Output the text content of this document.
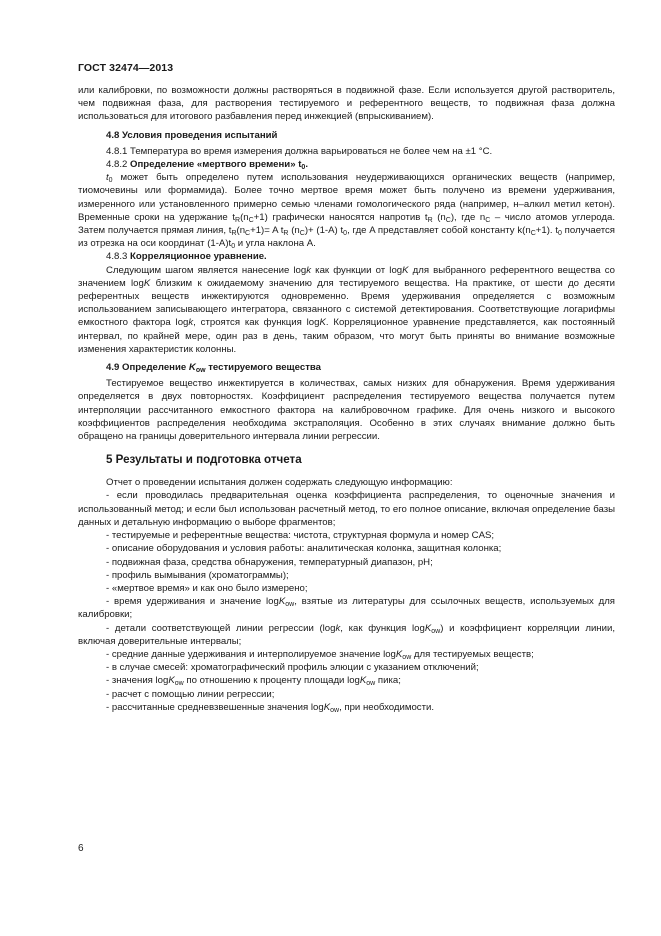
ГОСТ 32474—2013

или калибровки, по возможности должны растворяться в подвижной фазе. Если используется другой растворитель, чем подвижная фаза, для растворения тестируемого и референтного веществ, то подвижная фаза должна использоваться для итогового разбавления перед инжекцией (впрыскиванием).

4.8 Условия проведения испытаний

4.8.1 Температура во время измерения должна варьироваться не более чем на ±1 °С.

4.8.2 Определение «мертвого времени» $t_0$.

$t_0$ может быть определено путем использования неудерживающихся органических веществ (например, тиомочевины или формамида). Более точно мертвое время может быть получено из времени удерживания, измеренного или установленного примерно семью членами гомологического ряда (например, н–алкил метил кетон). Временные сроки на удержание $t_R(n_C+1)$ графически наносятся напротив $t_R$ $(n_C)$, где $n_C$ – число атомов углерода. Затем получается прямая линия, $t_R(n_C+1)= A$ $t_R$ $(n_C)+ (1-A)$ $t_0$, где A представляет собой константу $k(n_C+1)$. $t_0$ получается из отрезка на оси координат $(1-A)t_0$ и угла наклона A.

4.8.3 Корреляционное уравнение.

Следующим шагом является нанесение logk как функции от logK для выбранного референтного вещества со значением logK близким к ожидаемому значению для тестируемого вещества. На практике, от шести до десяти референтных веществ инжектируются одновременно. Время удерживания определяется с возможным использованием записывающего интегратора, связанного с системой детектирования. Соответствующие логарифмы емкостного фактора logk, строятся как функция logK. Корреляционное уравнение представляется, как постоянный интервал, по крайней мере, один раз в день, таким образом, что могут быть приняты во внимание возможные изменения характеристик колонны.

4.9 Определение $K_{ow}$ тестируемого вещества

Тестируемое вещество инжектируется в количествах, самых низких для обнаружения. Время удерживания определяется в двух повторностях. Коэффициент распределения тестируемого вещества получается путем интерполяции рассчитанного емкостного фактора на калибровочном графике. Для очень низкого и высокого коэффициентов распределения необходима экстраполяция. Особенно в этих случаях внимание должно быть обращено на границы доверительного интервала линии регрессии.

5 Результаты и подготовка отчета

Отчет о проведении испытания должен содержать следующую информацию:

- если проводилась предварительная оценка коэффициента распределения, то оценочные значения и использованный метод; и если был использован расчетный метод, то его полное описание, включая определение базы данных и детальную информацию о выборе фрагментов;

- тестируемые и референтные вещества: чистота, структурная формула и номер CAS;

- описание оборудования и условия работы: аналитическая колонка, защитная колонка;

- подвижная фаза, средства обнаружения, температурный диапазон, pH;

- профиль вымывания (хроматограммы);

- «мертвое время» и как оно было измерено;

- время удерживания и значение logK$_{ow}$, взятые из литературы для ссылочных веществ, используемых для калибровки;

- детали соответствующей линии регрессии (logk, как функция logK$_{ow}$) и коэффициент корреляции линии, включая доверительные интервалы;

- средние данные удерживания и интерполируемое значение logK$_{ow}$ для тестируемых веществ;

- в случае смесей: хроматографический профиль элюции с указанием отключений;

- значения logK$_{ow}$ по отношению к проценту площади logK$_{ow}$ пика;

- расчет с помощью линии регрессии;

- рассчитанные средневзвешенные значения logK$_{ow}$, при необходимости.

6
